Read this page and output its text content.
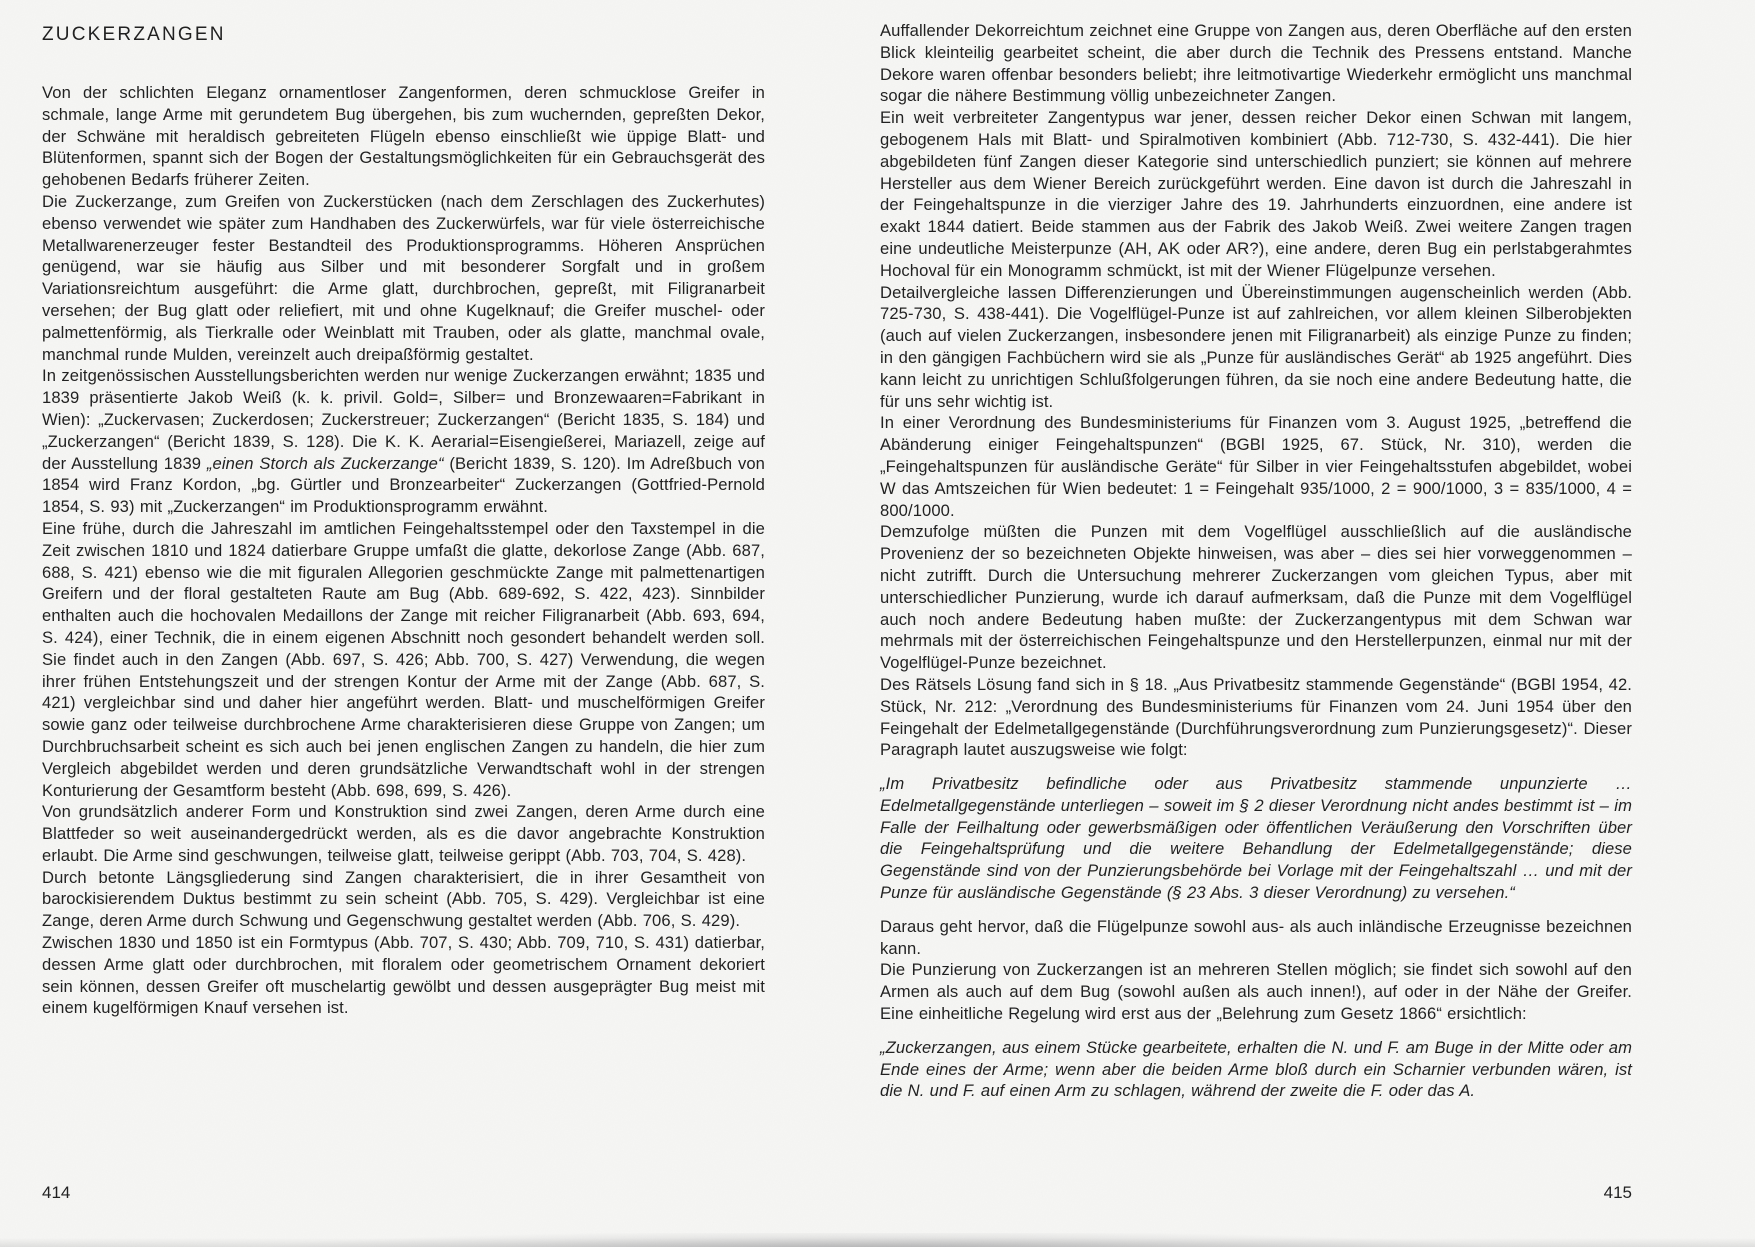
ZUCKERZANGEN

Von der schlichten Eleganz ornamentloser Zangenformen, deren schmucklose Greifer in schmale, lange Arme mit gerundetem Bug übergehen, bis zum wuchernden, gepreßten Dekor, der Schwäne mit heraldisch gebreiteten Flügeln ebenso einschließt wie üppige Blatt- und Blütenformen, spannt sich der Bogen der Gestaltungsmöglichkeiten für ein Gebrauchsgerät des gehobenen Bedarfs früherer Zeiten.

Die Zuckerzange, zum Greifen von Zuckerstücken (nach dem Zerschlagen des Zuckerhutes) ebenso verwendet wie später zum Handhaben des Zuckerwürfels, war für viele österreichische Metallwarenerzeuger fester Bestandteil des Produktionsprogramms. Höheren Ansprüchen genügend, war sie häufig aus Silber und mit besonderer Sorgfalt und in großem Variationsreichtum ausgeführt: die Arme glatt, durchbrochen, gepreßt, mit Filigranarbeit versehen; der Bug glatt oder reliefiert, mit und ohne Kugelknauf; die Greifer muschel- oder palmettenförmig, als Tierkralle oder Weinblatt mit Trauben, oder als glatte, manchmal ovale, manchmal runde Mulden, vereinzelt auch dreipaßförmig gestaltet.

In zeitgenössischen Ausstellungsberichten werden nur wenige Zuckerzangen erwähnt; 1835 und 1839 präsentierte Jakob Weiß (k. k. privil. Gold=, Silber= und Bronzewaaren=Fabrikant in Wien): „Zuckervasen; Zuckerdosen; Zuckerstreuer; Zuckerzangen“ (Bericht 1835, S. 184) und „Zuckerzangen“ (Bericht 1839, S. 128). Die K. K. Aerarial=Eisengießerei, Mariazell, zeige auf der Ausstellung 1839 „einen Storch als Zuckerzange“ (Bericht 1839, S. 120). Im Adreßbuch von 1854 wird Franz Kordon, „bg. Gürtler und Bronzearbeiter“ Zuckerzangen (Gottfried-Pernold 1854, S. 93) mit „Zuckerzangen“ im Produktionsprogramm erwähnt.

Eine frühe, durch die Jahreszahl im amtlichen Feingehaltsstempel oder den Taxstempel in die Zeit zwischen 1810 und 1824 datierbare Gruppe umfaßt die glatte, dekorlose Zange (Abb. 687, 688, S. 421) ebenso wie die mit figuralen Allegorien geschmückte Zange mit palmettenartigen Greifern und der floral gestalteten Raute am Bug (Abb. 689-692, S. 422, 423). Sinnbilder enthalten auch die hochovalen Medaillons der Zange mit reicher Filigranarbeit (Abb. 693, 694, S. 424), einer Technik, die in einem eigenen Abschnitt noch gesondert behandelt werden soll. Sie findet auch in den Zangen (Abb. 697, S. 426; Abb. 700, S. 427) Verwendung, die wegen ihrer frühen Entstehungszeit und der strengen Kontur der Arme mit der Zange (Abb. 687, S. 421) vergleichbar sind und daher hier angeführt werden. Blatt- und muschelförmigen Greifer sowie ganz oder teilweise durchbrochene Arme charakterisieren diese Gruppe von Zangen; um Durchbruchsarbeit scheint es sich auch bei jenen englischen Zangen zu handeln, die hier zum Vergleich abgebildet werden und deren grundsätzliche Verwandtschaft wohl in der strengen Konturierung der Gesamtform besteht (Abb. 698, 699, S. 426).

Von grundsätzlich anderer Form und Konstruktion sind zwei Zangen, deren Arme durch eine Blattfeder so weit auseinandergedrückt werden, als es die davor angebrachte Konstruktion erlaubt. Die Arme sind geschwungen, teilweise glatt, teilweise gerippt (Abb. 703, 704, S. 428).

Durch betonte Längsgliederung sind Zangen charakterisiert, die in ihrer Gesamtheit von barockisierendem Duktus bestimmt zu sein scheint (Abb. 705, S. 429). Vergleichbar ist eine Zange, deren Arme durch Schwung und Gegenschwung gestaltet werden (Abb. 706, S. 429).

Zwischen 1830 und 1850 ist ein Formtypus (Abb. 707, S. 430; Abb. 709, 710, S. 431) datierbar, dessen Arme glatt oder durchbrochen, mit floralem oder geometrischem Ornament dekoriert sein können, dessen Greifer oft muschelartig gewölbt und dessen ausgeprägter Bug meist mit einem kugelförmigen Knauf versehen ist.

Auffallender Dekorreichtum zeichnet eine Gruppe von Zangen aus, deren Oberfläche auf den ersten Blick kleinteilig gearbeitet scheint, die aber durch die Technik des Pressens entstand. Manche Dekore waren offenbar besonders beliebt; ihre leitmotivartige Wiederkehr ermöglicht uns manchmal sogar die nähere Bestimmung völlig unbezeichneter Zangen.

Ein weit verbreiteter Zangentypus war jener, dessen reicher Dekor einen Schwan mit langem, gebogenem Hals mit Blatt- und Spiralmotiven kombiniert (Abb. 712-730, S. 432-441). Die hier abgebildeten fünf Zangen dieser Kategorie sind unterschiedlich punziert; sie können auf mehrere Hersteller aus dem Wiener Bereich zurückgeführt werden. Eine davon ist durch die Jahreszahl in der Feingehaltspunze in die vierziger Jahre des 19. Jahrhunderts einzuordnen, eine andere ist exakt 1844 datiert. Beide stammen aus der Fabrik des Jakob Weiß. Zwei weitere Zangen tragen eine undeutliche Meisterpunze (AH, AK oder AR?), eine andere, deren Bug ein perlstabgerahmtes Hochoval für ein Monogramm schmückt, ist mit der Wiener Flügelpunze versehen.

Detailvergleiche lassen Differenzierungen und Übereinstimmungen augenscheinlich werden (Abb. 725-730, S. 438-441). Die Vogelflügel-Punze ist auf zahlreichen, vor allem kleinen Silberobjekten (auch auf vielen Zuckerzangen, insbesondere jenen mit Filigranarbeit) als einzige Punze zu finden; in den gängigen Fachbüchern wird sie als „Punze für ausländisches Gerät“ ab 1925 angeführt. Dies kann leicht zu unrichtigen Schlußfolgerungen führen, da sie noch eine andere Bedeutung hatte, die für uns sehr wichtig ist.

In einer Verordnung des Bundesministeriums für Finanzen vom 3. August 1925, „betreffend die Abänderung einiger Feingehaltspunzen“ (BGBl 1925, 67. Stück, Nr. 310), werden die „Feingehaltspunzen für ausländische Geräte“ für Silber in vier Feingehaltsstufen abgebildet, wobei W das Amtszeichen für Wien bedeutet: 1 = Feingehalt 935/1000, 2 = 900/1000, 3 = 835/1000, 4 = 800/1000.

Demzufolge müßten die Punzen mit dem Vogelflügel ausschließlich auf die ausländische Provenienz der so bezeichneten Objekte hinweisen, was aber – dies sei hier vorweggenommen – nicht zutrifft. Durch die Untersuchung mehrerer Zuckerzangen vom gleichen Typus, aber mit unterschiedlicher Punzierung, wurde ich darauf aufmerksam, daß die Punze mit dem Vogelflügel auch noch andere Bedeutung haben mußte: der Zuckerzangentypus mit dem Schwan war mehrmals mit der österreichischen Feingehaltspunze und den Herstellerpunzen, einmal nur mit der Vogelflügel-Punze bezeichnet.

Des Rätsels Lösung fand sich in § 18. „Aus Privatbesitz stammende Gegenstände“ (BGBl 1954, 42. Stück, Nr. 212: „Verordnung des Bundesministeriums für Finanzen vom 24. Juni 1954 über den Feingehalt der Edelmetallgegenstände (Durchführungsverordnung zum Punzierungsgesetz)“. Dieser Paragraph lautet auszugsweise wie folgt:

„Im Privatbesitz befindliche oder aus Privatbesitz stammende unpunzierte … Edelmetallgegenstände unterliegen – soweit im § 2 dieser Verordnung nicht andes bestimmt ist – im Falle der Feilhaltung oder gewerbsmäßigen oder öffentlichen Veräußerung den Vorschriften über die Feingehaltsprüfung und die weitere Behandlung der Edelmetallgegenstände; diese Gegenstände sind von der Punzierungsbehörde bei Vorlage mit der Feingehaltszahl … und mit der Punze für ausländische Gegenstände (§ 23 Abs. 3 dieser Verordnung) zu versehen.“

Daraus geht hervor, daß die Flügelpunze sowohl aus- als auch inländische Erzeugnisse bezeichnen kann.

Die Punzierung von Zuckerzangen ist an mehreren Stellen möglich; sie findet sich sowohl auf den Armen als auch auf dem Bug (sowohl außen als auch innen!), auf oder in der Nähe der Greifer. Eine einheitliche Regelung wird erst aus der „Belehrung zum Gesetz 1866“ ersichtlich:

„Zuckerzangen, aus einem Stücke gearbeitete, erhalten die N. und F. am Buge in der Mitte oder am Ende eines der Arme; wenn aber die beiden Arme bloß durch ein Scharnier verbunden wären, ist die N. und F. auf einen Arm zu schlagen, während der zweite die F. oder das A.

414	415
